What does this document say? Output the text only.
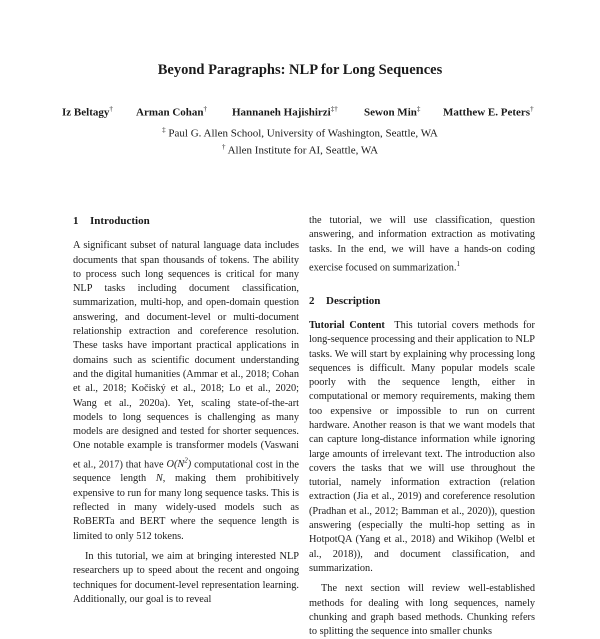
Beyond Paragraphs: NLP for Long Sequences
Iz Beltagy† Arman Cohan† Hannaneh Hajishirzi‡† Sewon Min‡ Matthew E. Peters†
‡ Paul G. Allen School, University of Washington, Seattle, WA
† Allen Institute for AI, Seattle, WA
1 Introduction

A significant subset of natural language data includes documents that span thousands of tokens. The ability to process such long sequences is critical for many NLP tasks including document classification, summarization, multi-hop, and open-domain question answering, and document-level or multi-document relationship extraction and coreference resolution. These tasks have important practical applications in domains such as scientific document understanding and the digital humanities (Ammar et al., 2018; Cohan et al., 2018; Kočiský et al., 2018; Lo et al., 2020; Wang et al., 2020a). Yet, scaling state-of-the-art models to long sequences is challenging as many models are designed and tested for shorter sequences. One notable example is transformer models (Vaswani et al., 2017) that have $O(N^2)$ computational cost in the sequence length N, making them prohibitively expensive to run for many long sequence tasks. This is reflected in many widely-used models such as RoBERTa and BERT where the sequence length is limited to only 512 tokens.

In this tutorial, we aim at bringing interested NLP researchers up to speed about the recent and ongoing techniques for document-level representation learning. Additionally, our goal is to reveal

the tutorial, we will use classification, question answering, and information extraction as motivating tasks. In the end, we will have a hands-on coding exercise focused on summarization.$^1$

2 Description

Tutorial Content This tutorial covers methods for long-sequence processing and their application to NLP tasks. We will start by explaining why processing long sequences is difficult. Many popular models scale poorly with the sequence length, either in computational or memory requirements, making them too expensive or impossible to run on current hardware. Another reason is that we want models that can capture long-distance information while ignoring large amounts of irrelevant text. The introduction also covers the tasks that we will use throughout the tutorial, namely information extraction (relation extraction (Jia et al., 2019) and coreference resolution (Pradhan et al., 2012; Bamman et al., 2020)), question answering (especially the multi-hop setting as in HotpotQA (Yang et al., 2018) and Wikihop (Welbl et al., 2018)), and document classification, and summarization.

The next section will review well-established methods for dealing with long sequences, namely chunking and graph based methods. Chunking refers to splitting the sequence into smaller chunks
